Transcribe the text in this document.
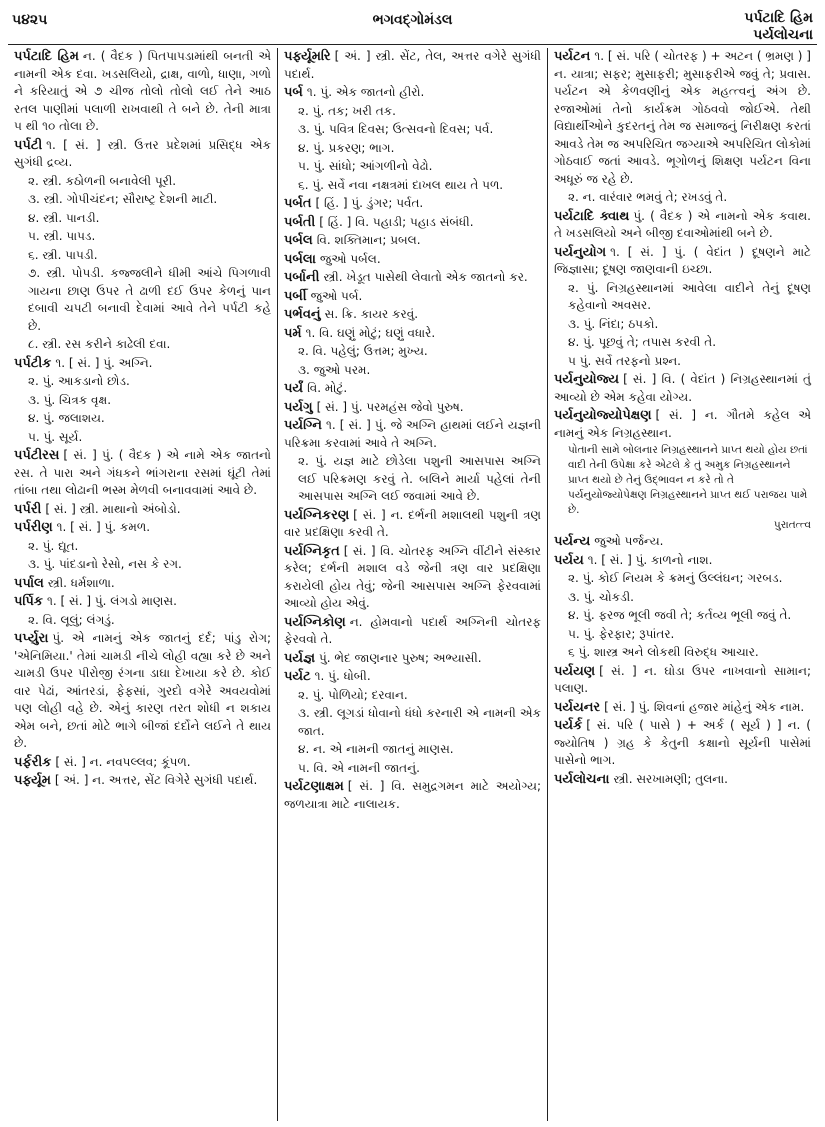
૫૪૨૫	ભગવદ્ગોમંડલ	પર્પટાદિ હિમ
પર્યલોચના
પર્પટાદિ હિમ ન. ( વૈદક ) પિતપાપડામાંથી બનતી એ નામની એક દવા. ખડસલિયો, દ્રાક્ષ, વાળો, ધાણા, ગળો ને કરિયાતું એ ૭ ચીજ તોલો તોલો લઈ તેને આઠ રતલ પાણીમાં પલાળી રાખવાથી તે બને છે. તેની માત્રા ૫ થી ૧૦ તોલા છે.
પર્પટી ૧. [ સં. ] સ્ત્રી. ઉત્તર પ્રદેશમાં પ્રસિદ્ધ એક સુગંધી દ્રવ્ય.
૨. સ્ત્રી. કઠોળની બનાવેલી પૂરી.
૩. સ્ત્રી. ગોપીચંદન; સૌરાષ્ટ્ર દેશની માટી.
૪. સ્ત્રી. પાનડી.
૫. સ્ત્રી. પાપડ.
૬. સ્ત્રી. પાપડી.
૭. સ્ત્રી. પોપડી. કજ્જલીને ધીમી આંચે પિગળાવી ગાયના છાણ ઉપર તે ઢાળી દઈ ઉપર કેળનું પાન દબાવી ચપટી બનાવી દેવામાં આવે તેને પર્પટી કહે છે.
૮. સ્ત્રી. રસ કરીને કાઢેલી દવા.
પર્પટીક ૧. [ સં. ] પું. અગ્નિ.
૨. પું. આકડાનો છોડ.
૩. પું. ચિત્રક વૃક્ષ.
૪. પું. જલાશય.
૫. પું. સૂર્ય.
પર્પટીરસ [ સં. ] પું. ( વૈદક ) એ નામે એક જાતનો રસ. તે પારા અને ગંધકને ભાંગરાના રસમાં ઘૂંટી તેમાં તાંબા તથા લોઢાની ભસ્મ મેળવી બનાવવામાં આવે છે.
પર્પરી [ સં. ] સ્ત્રી. માથાનો અંબોડો.
પર્પરીણ ૧. [ સં. ] પું. કમળ.
૨. પું. દ્યૂત.
૩. પું. પાંદડાનો રેસો, નસ કે રગ.
પર્પાલ સ્ત્રી. ધર્મશાળા.
પર્પિક ૧. [ સં. ] પું. લંગડો માણસ.
૨. વિ. લૂલું; લંગડું.
પર્પ્યુરા પું. એ નામનું એક જાતનું દર્દ; પાંડુ રોગ; 'એનિમિયા.' તેમાં ચામડી નીચે લોહી વહ્યા કરે છે અને ચામડી ઉપર પીરોજી રંગના ડાઘા દેખાયા કરે છે. કોઈ વાર પેઢાં, આંતરડાં, ફેફસાં, ગુરદો વગેરે અવયવોમાં પણ લોહી વહે છે. એનું કારણ તરત શોધી ન શકાય એમ બને, છતાં મોટે ભાગે બીજાં દર્દોને લઈને તે થાય છે.
પર્ફરીક [ સં. ] ન. નવપલ્લવ; કૂંપળ.
પર્ફ્યૂમ [ અં. ] ન. અત્તર, સેંટ વિગેરે સુગંધી પદાર્થ.
પર્ફ્યૂમરિ [ અં. ] સ્ત્રી. સેંટ, તેલ, અત્તર વગેરે સુગંધી પદાર્થ.
પર્બ ૧. પું. એક જાતનો હીરો.
૨. પું. તક; ખરી તક.
૩. પું. પવિત્ર દિવસ; ઉત્સવનો દિવસ; પર્વ.
૪. પું. પ્રકરણ; ભાગ.
૫. પું. સાંધો; આંગળીનો વેઢો.
૬. પું. સર્વે નવા નક્ષત્રમાં દાખલ થાય તે પળ.
પર્બત [ હિં. ] પું. ડુંગર; પર્વત.
પર્બતી [ હિં. ] વિ. પહાડી; પહાડ સંબંધી.
પર્બલ વિ. શક્તિમાન; પ્રબલ.
પર્બલા જુઓ પર્બલ.
પર્બાની સ્ત્રી. ખેડૂત પાસેથી લેવાતો એક જાતનો કર.
પર્બી જુઓ પર્બ.
પર્ભવનું સ. ક્રિ. કાયર કરવું.
પર્મ ૧. વિ. ઘણું મોટું; ઘણું વધારે.
૨. વિ. પહેલું; ઉત્તમ; મુખ્ય.
૩. જુઓ પરમ.
પર્યં વિ. મોટું.
પર્યગુ [ સં. ] પું. પરમહંસ જેવો પુરુષ.
પર્યગ્નિ ૧. [ સં. ] પું. જે અગ્નિ હાથમાં લઈને યજ્ઞની પરિક્રમા કરવામાં આવે તે અગ્નિ.
૨. પું. યજ્ઞ માટે છોડેલા પશુની આસપાસ અગ્નિ લઈ પરિક્રમણ કરવું તે. બલિને માર્યા પહેલાં તેની આસપાસ અગ્નિ લઈ જવામાં આવે છે.
પર્યગ્નિકરણ [ સં. ] ન. દર્ભની મશાલથી પશુની ત્રણ વાર પ્રદક્ષિણા કરવી તે.
પર્યગ્નિકૃત [ સં. ] વિ. ચોતરફ અગ્નિ વીંટીને સંસ્કાર કરેલ; દર્ભની મશાલ વડે જેની ત્રણ વાર પ્રદક્ષિણા કરાયેલી હોય તેવું; જેની આસપાસ અગ્નિ ફેરવવામાં આવ્યો હોય એવું.
પર્યગ્નિકોણ ન. હોમવાનો પદાર્થ અગ્નિની ચોતરફ ફેરવવો તે.
પર્યજ્ઞ પું. ભેદ જાણનાર પુરુષ; અભ્યાસી.
પર્યટ ૧. પું. ધોબી.
૨. પું. પોળિયો; દરવાન.
૩. સ્ત્રી. લૂગડાં ધોવાનો ધંધો કરનારી એ નામની એક જાત.
૪. ન. એ નામની જાતનું માણસ.
૫. વિ. એ નામની જાતનું.
પર્યટણાક્ષમ [ સં. ] વિ. સમુદ્રગમન માટે અયોગ્ય; જળયાત્રા માટે નાલાયક.
પર્યટન ૧. [ સં. પરિ ( ચોતરફ ) + અટન ( ભ્રમણ ) ] ન. યાત્રા; સફર; મુસાફરી; મુસાફરીએ જવું તે; પ્રવાસ. પર્યટન એ કેળવણીનું એક મહત્ત્વનું અંગ છે. રજાઓમાં તેનો કાર્યક્રમ ગોઠવવો જોઈએ. તેથી વિદ્યાર્થીઓને કુદરતનું તેમ જ સમાજનું નિરીક્ષણ કરતાં આવડે તેમ જ અપરિચિત જગ્યાએ અપરિચિત લોકોમાં ગોઠવાઈ જતાં આવડે. ભૂગોળનું શિક્ષણ પર્યટન વિના અધૂરું જ રહે છે.
૨. ન. વારંવાર ભમવું તે; રખડવું તે.
પર્યટાદિ ક્વાથ પું. ( વૈદક ) એ નામનો એક કવાથ. તે ખડસલિયો અને બીજી દવાઓમાંથી બને છે.
પર્યનુયોગ ૧. [ સં. ] પું. ( વેદાંત ) દૂષણને માટે જિજ્ઞાસા; દૂષણ જાણવાની ઇચ્છા.
૨. પું. નિગ્રહસ્થાનમાં આવેલા વાદીને તેનું દૂષણ કહેવાનો અવસર.
૩. પું. નિંદા; ઠપકો.
૪. પું. પૂછવું તે; તપાસ કરવી તે.
૫ પું. સર્વે તરફનો પ્રશ્ન.
પર્યનુયોજ્ય [ સં. ] વિ. ( વેદાંત ) નિગ્રહસ્થાનમાં તું આવ્યો છે એમ કહેવા યોગ્ય.
પર્યનુયોજ્યોપેક્ષણ [ સં. ] ન. ગૌતમે કહેલ એ નામનું એક નિગ્રહસ્થાન.
પોતાની સામે બોલનાર નિગ્રહસ્થાનને પ્રાપ્ત થયો હોય છતાં વાદી તેની ઉપેક્ષા કરે એટલે કે તું અમુક નિગ્રહસ્થાનને પ્રાપ્ત થયો છે તેનું ઉદ્‌ભાવન ન કરે તો તે પર્યનુયોજ્યોપેક્ષણ નિગ્રહસ્થાનને પ્રાપ્ત થઈ પરાજય પામે છે.
પુરાતત્ત્વ
પર્યન્ય જુઓ પર્જન્ય.
પર્યય ૧. [ સં. ] પું. કાળનો નાશ.
૨. પું. કોઈ નિયમ કે ક્રમનું ઉલ્લંઘન; ગરબડ.
૩. પું. ચોકડી.
૪. પું. ફરજ ભૂલી જવી તે; કર્તવ્ય ભૂલી જવું તે.
૫. પું. ફેરફાર; રૂપાંતર.
૬ પું. શાસ્ત્ર અને લોકથી વિરુદ્ધ આચાર.
પર્યયણ [ સં. ] ન. ઘોડા ઉપર નાખવાનો સામાન; પલાણ.
પર્યયનર [ સં. ] પું. શિવનાં હજાર માંહેનું એક નામ.
પર્યર્ક [ સં. પરિ ( પાસે ) + અર્ક ( સૂર્ય ) ] ન. ( જ્યોતિષ ) ગ્રહ કે કેતુની કક્ષાનો સૂર્યની પાસેમાં પાસેનો ભાગ.
પર્યલોચના સ્ત્રી. સરખામણી; તુલના.
